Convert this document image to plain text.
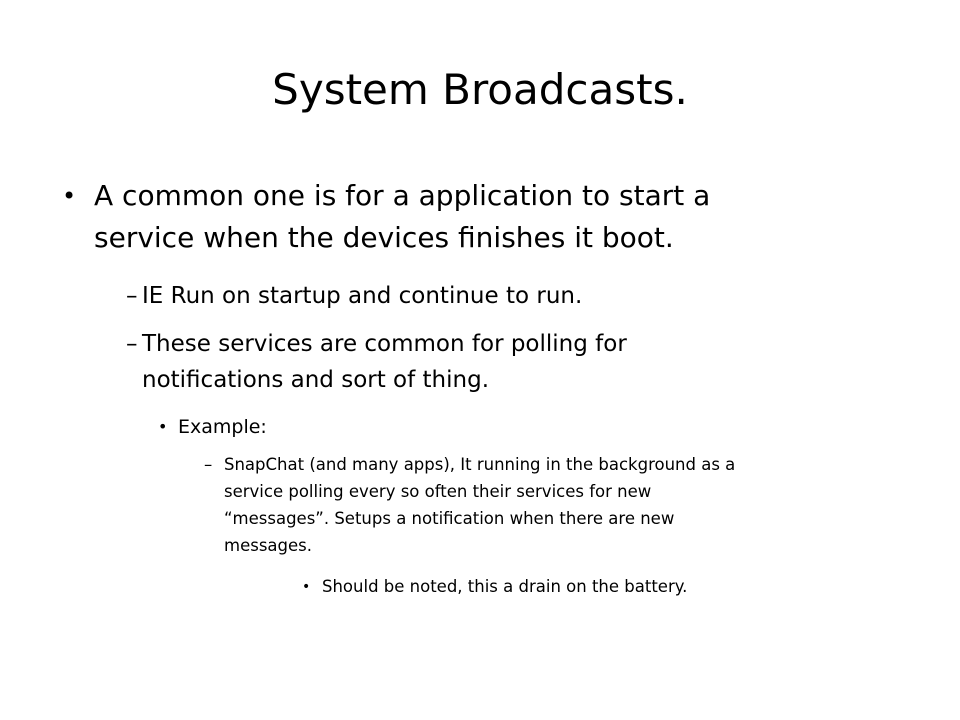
System Broadcasts.
• A common one is for a application to start a
service when the devices finishes it boot.
– IE Run on startup and continue to run.
– These services are common for polling for
notifications and sort of thing.
• Example:
– SnapChat (and many apps), It running in the background as a
service polling every so often their services for new
“messages”. Setups a notification when there are new
messages.
• Should be noted, this a drain on the battery.
